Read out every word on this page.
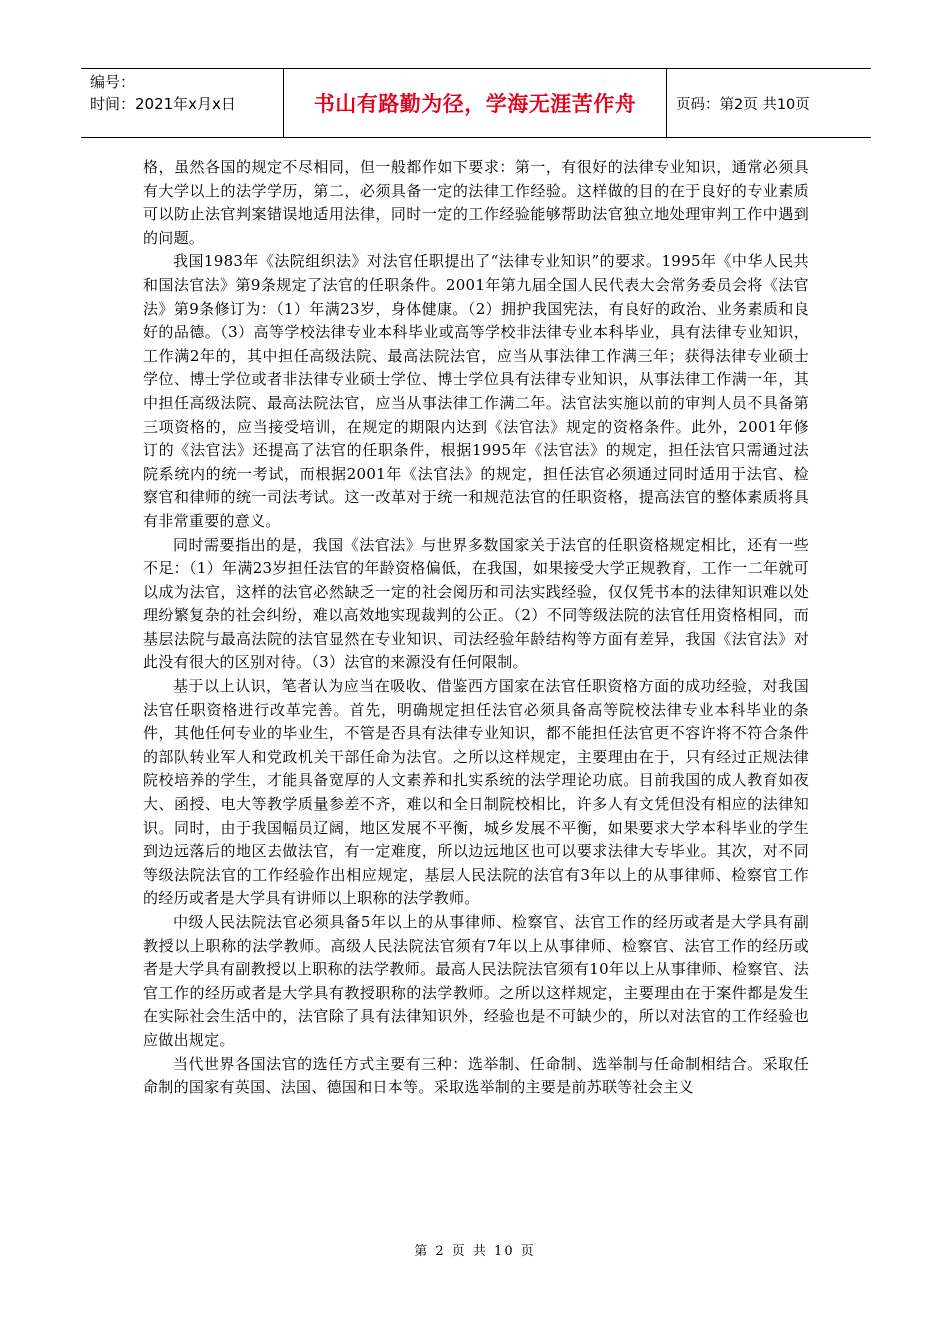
编号：
时间：2021年x月x日	书山有路勤为径，学海无涯苦作舟	页码：第2页 共10页

格，虽然各国的规定不尽相同，但一般都作如下要求：第一，有很好的法律专业知识，通常必须具有大学以上的法学学历，第二，必须具备一定的法律工作经验。这样做的目的在于良好的专业素质可以防止法官判案错误地适用法律，同时一定的工作经验能够帮助法官独立地处理审判工作中遇到的问题。

我国1983年《法院组织法》对法官任职提出了“法律专业知识”的要求。1995年《中华人民共和国法官法》第9条规定了法官的任职条件。2001年第九届全国人民代表大会常务委员会将《法官法》第9条修订为：（1）年满23岁，身体健康。（2）拥护我国宪法，有良好的政治、业务素质和良好的品德。（3）高等学校法律专业本科毕业或高等学校非法律专业本科毕业，具有法律专业知识，工作满2年的，其中担任高级法院、最高法院法官，应当从事法律工作满三年；获得法律专业硕士学位、博士学位或者非法律专业硕士学位、博士学位具有法律专业知识，从事法律工作满一年，其中担任高级法院、最高法院法官，应当从事法律工作满二年。法官法实施以前的审判人员不具备第三项资格的，应当接受培训，在规定的期限内达到《法官法》规定的资格条件。此外，2001年修订的《法官法》还提高了法官的任职条件，根据1995年《法官法》的规定，担任法官只需通过法院系统内的统一考试，而根据2001年《法官法》的规定，担任法官必须通过同时适用于法官、检察官和律师的统一司法考试。这一改革对于统一和规范法官的任职资格，提高法官的整体素质将具有非常重要的意义。

同时需要指出的是，我国《法官法》与世界多数国家关于法官的任职资格规定相比，还有一些不足：（1）年满23岁担任法官的年龄资格偏低，在我国，如果接受大学正规教育，工作一二年就可以成为法官，这样的法官必然缺乏一定的社会阅历和司法实践经验，仅仅凭书本的法律知识难以处理纷繁复杂的社会纠纷，难以高效地实现裁判的公正。（2）不同等级法院的法官任用资格相同，而基层法院与最高法院的法官显然在专业知识、司法经验年龄结构等方面有差异，我国《法官法》对此没有很大的区别对待。（3）法官的来源没有任何限制。

基于以上认识，笔者认为应当在吸收、借鉴西方国家在法官任职资格方面的成功经验，对我国法官任职资格进行改革完善。首先，明确规定担任法官必须具备高等院校法律专业本科毕业的条件，其他任何专业的毕业生，不管是否具有法律专业知识，都不能担任法官更不容许将不符合条件的部队转业军人和党政机关干部任命为法官。之所以这样规定，主要理由在于，只有经过正规法律院校培养的学生，才能具备宽厚的人文素养和扎实系统的法学理论功底。目前我国的成人教育如夜大、函授、电大等教学质量参差不齐，难以和全日制院校相比，许多人有文凭但没有相应的法律知识。同时，由于我国幅员辽阔，地区发展不平衡，城乡发展不平衡，如果要求大学本科毕业的学生到边远落后的地区去做法官，有一定难度，所以边远地区也可以要求法律大专毕业。其次，对不同等级法院法官的工作经验作出相应规定，基层人民法院的法官有3年以上的从事律师、检察官工作的经历或者是大学具有讲师以上职称的法学教师。

中级人民法院法官必须具备5年以上的从事律师、检察官、法官工作的经历或者是大学具有副教授以上职称的法学教师。高级人民法院法官须有7年以上从事律师、检察官、法官工作的经历或者是大学具有副教授以上职称的法学教师。最高人民法院法官须有10年以上从事律师、检察官、法官工作的经历或者是大学具有教授职称的法学教师。之所以这样规定，主要理由在于案件都是发生在实际社会生活中的，法官除了具有法律知识外，经验也是不可缺少的，所以对法官的工作经验也应做出规定。

当代世界各国法官的选任方式主要有三种：选举制、任命制、选举制与任命制相结合。采取任命制的国家有英国、法国、德国和日本等。采取选举制的主要是前苏联等社会主义

第 2 页 共 10 页
